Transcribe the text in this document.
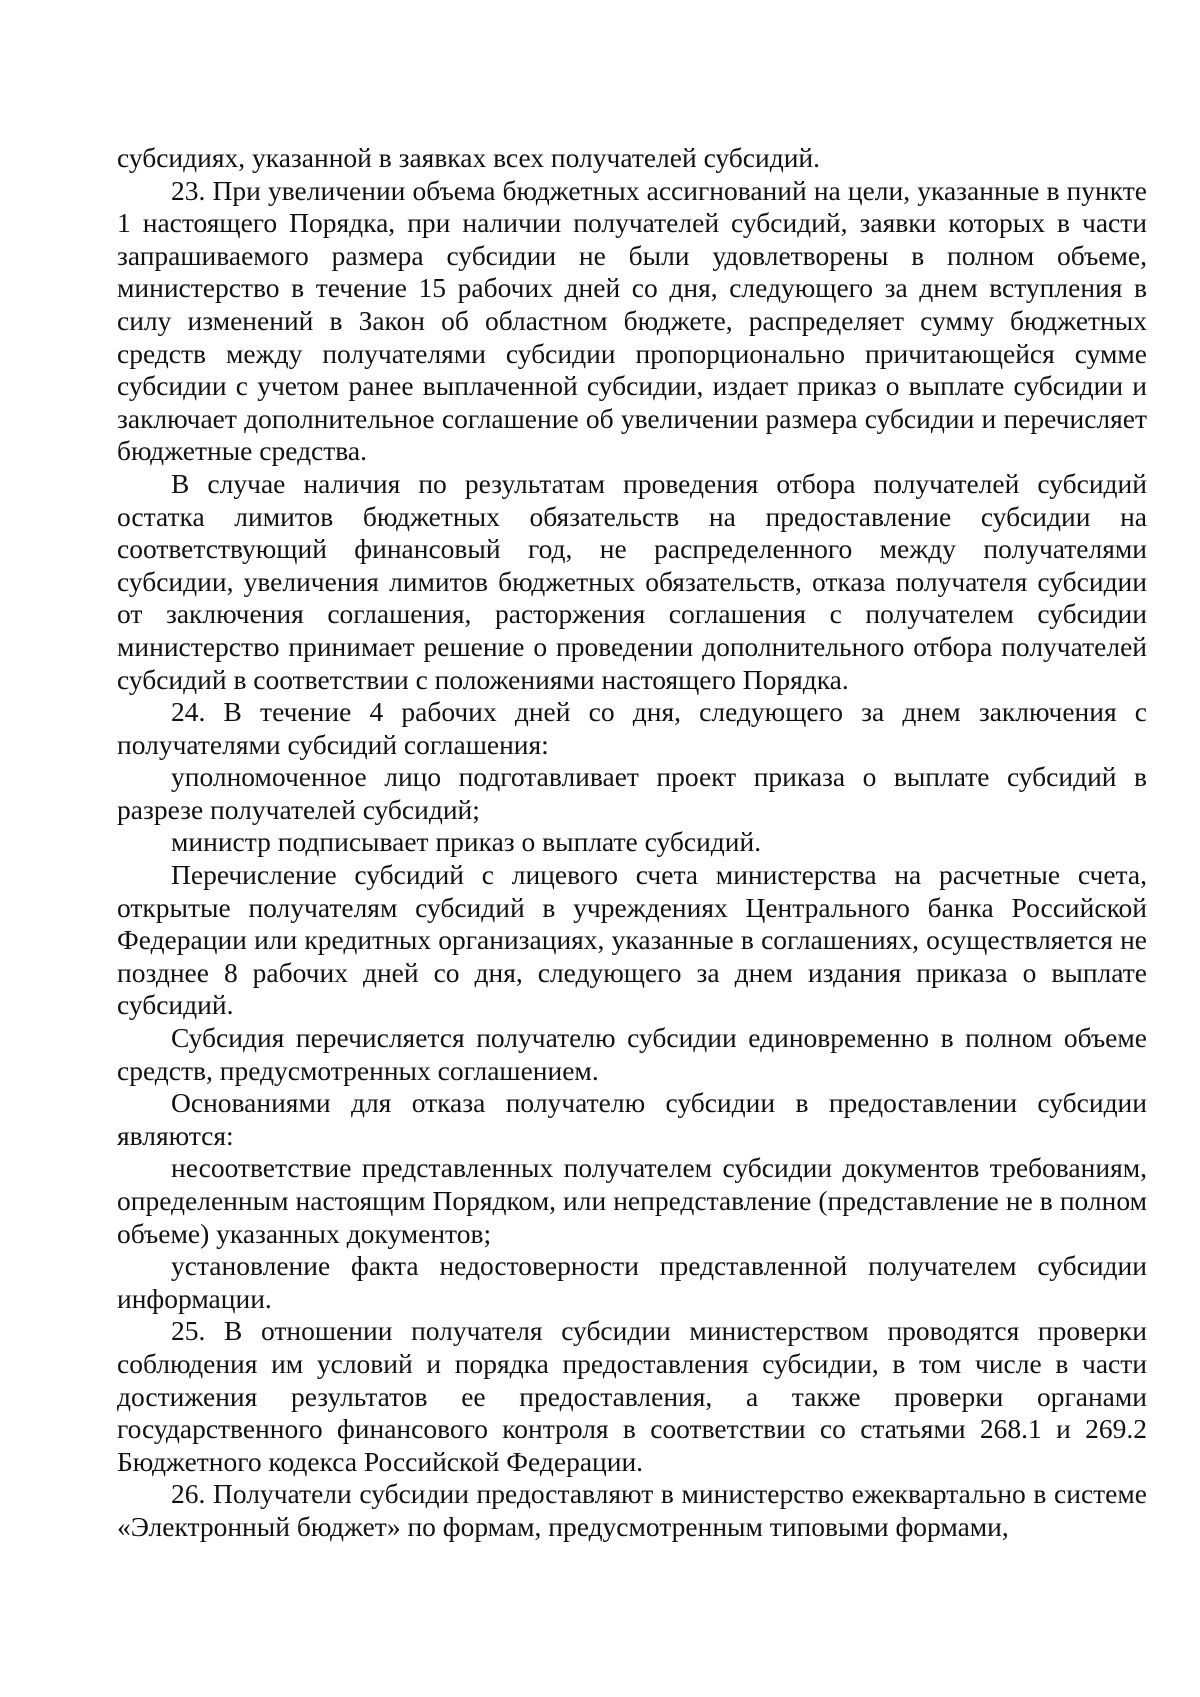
субсидиях, указанной в заявках всех получателей субсидий.

23. При увеличении объема бюджетных ассигнований на цели, указанные в пункте 1 настоящего Порядка, при наличии получателей субсидий, заявки которых в части запрашиваемого размера субсидии не были удовлетворены в полном объеме, министерство в течение 15 рабочих дней со дня, следующего за днем вступления в силу изменений в Закон об областном бюджете, распределяет сумму бюджетных средств между получателями субсидии пропорционально причитающейся сумме субсидии с учетом ранее выплаченной субсидии, издает приказ о выплате субсидии и заключает дополнительное соглашение об увеличении размера субсидии и перечисляет бюджетные средства.

В случае наличия по результатам проведения отбора получателей субсидий остатка лимитов бюджетных обязательств на предоставление субсидии на соответствующий финансовый год, не распределенного между получателями субсидии, увеличения лимитов бюджетных обязательств, отказа получателя субсидии от заключения соглашения, расторжения соглашения с получателем субсидии министерство принимает решение о проведении дополнительного отбора получателей субсидий в соответствии с положениями настоящего Порядка.

24. В течение 4 рабочих дней со дня, следующего за днем заключения с получателями субсидий соглашения:

уполномоченное лицо подготавливает проект приказа о выплате субсидий в разрезе получателей субсидий;

министр подписывает приказ о выплате субсидий.

Перечисление субсидий с лицевого счета министерства на расчетные счета, открытые получателям субсидий в учреждениях Центрального банка Российской Федерации или кредитных организациях, указанные в соглашениях, осуществляется не позднее 8 рабочих дней со дня, следующего за днем издания приказа о выплате субсидий.

Субсидия перечисляется получателю субсидии единовременно в полном объеме средств, предусмотренных соглашением.

Основаниями для отказа получателю субсидии в предоставлении субсидии являются:

несоответствие представленных получателем субсидии документов требованиям, определенным настоящим Порядком, или непредставление (представление не в полном объеме) указанных документов;

установление факта недостоверности представленной получателем субсидии информации.

25. В отношении получателя субсидии министерством проводятся проверки соблюдения им условий и порядка предоставления субсидии, в том числе в части достижения результатов ее предоставления, а также проверки органами государственного финансового контроля в соответствии со статьями 268.1 и 269.2 Бюджетного кодекса Российской Федерации.

26. Получатели субсидии предоставляют в министерство ежеквартально в системе «Электронный бюджет» по формам, предусмотренным типовыми формами,
